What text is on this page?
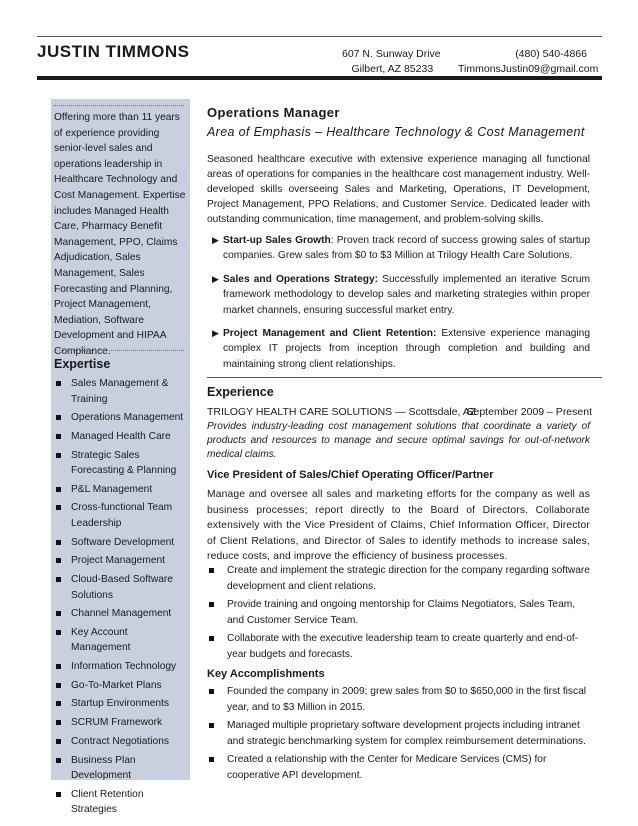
JUSTIN TIMMONS	607 N. Sunway Drive
Gilbert, AZ 85233
(480) 540-4866
TimmonsJustin09@gmail.com
Offering more than 11 years of experience providing senior-level sales and operations leadership in Healthcare Technology and Cost Management. Expertise includes Managed Health Care, Pharmacy Benefit Management, PPO, Claims Adjudication, Sales Management, Sales Forecasting and Planning, Project Management, Mediation, Software Development and HIPAA Compliance.
Expertise
Sales Management & Training
Operations Management
Managed Health Care
Strategic Sales Forecasting & Planning
P&L Management
Cross-functional Team Leadership
Software Development
Project Management
Cloud-Based Software Solutions
Channel Management
Key Account Management
Information Technology
Go-To-Market Plans
Startup Environments
SCRUM Framework
Contract Negotiations
Business Plan Development
Client Retention Strategies
Operations Manager
Area of Emphasis – Healthcare Technology & Cost Management
Seasoned healthcare executive with extensive experience managing all functional areas of operations for companies in the healthcare cost management industry. Well-developed skills overseeing Sales and Marketing, Operations, IT Development, Project Management, PPO Relations, and Customer Service. Dedicated leader with outstanding communication, time management, and problem-solving skills.
▶ Start-up Sales Growth: Proven track record of success growing sales of startup companies. Grew sales from $0 to $3 Million at Trilogy Health Care Solutions.
▶ Sales and Operations Strategy: Successfully implemented an iterative Scrum framework methodology to develop sales and marketing strategies within proper market channels, ensuring successful market entry.
▶ Project Management and Client Retention: Extensive experience managing complex IT projects from inception through completion and building and maintaining strong client relationships.
Experience
TRILOGY HEALTH CARE SOLUTIONS — Scottsdale, AZ
September 2009 – Present
Provides industry-leading cost management solutions that coordinate a variety of products and resources to manage and secure optimal savings for out-of-network medical claims.
Vice President of Sales/Chief Operating Officer/Partner
Manage and oversee all sales and marketing efforts for the company as well as business processes; report directly to the Board of Directors. Collaborate extensively with the Vice President of Claims, Chief Information Officer, Director of Client Relations, and Director of Sales to identify methods to increase sales, reduce costs, and improve the efficiency of business processes.
Create and implement the strategic direction for the company regarding software development and client relations.
Provide training and ongoing mentorship for Claims Negotiators, Sales Team, and Customer Service Team.
Collaborate with the executive leadership team to create quarterly and end-of-year budgets and forecasts.
Key Accomplishments
Founded the company in 2009; grew sales from $0 to $650,000 in the first fiscal year, and to $3 Million in 2015.
Managed multiple proprietary software development projects including intranet and strategic benchmarking system for complex reimbursement determinations.
Created a relationship with the Center for Medicare Services (CMS) for cooperative API development.
